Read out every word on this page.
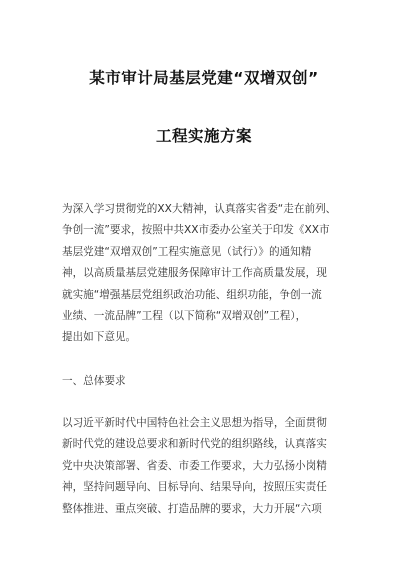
某市审计局基层党建“双增双创”
工程实施方案
为深入学习贯彻党的XX大精神，认真落实省委“走在前列、
争创一流”要求，按照中共XX市委办公室关于印发《XX市
基层党建“双增双创”工程实施意见（试行）》的通知精
神，以高质量基层党建服务保障审计工作高质量发展，现
就实施“增强基层党组织政治功能、组织功能，争创一流
业绩、一流品牌”工程（以下简称“双增双创”工程），
提出如下意见。
一、总体要求
以习近平新时代中国特色社会主义思想为指导，全面贯彻
新时代党的建设总要求和新时代党的组织路线，认真落实
党中央决策部署、省委、市委工作要求，大力弘扬小岗精
神，坚持问题导向、目标导向、结果导向，按照压实责任
整体推进、重点突破、打造品牌的要求，大力开展“六项
